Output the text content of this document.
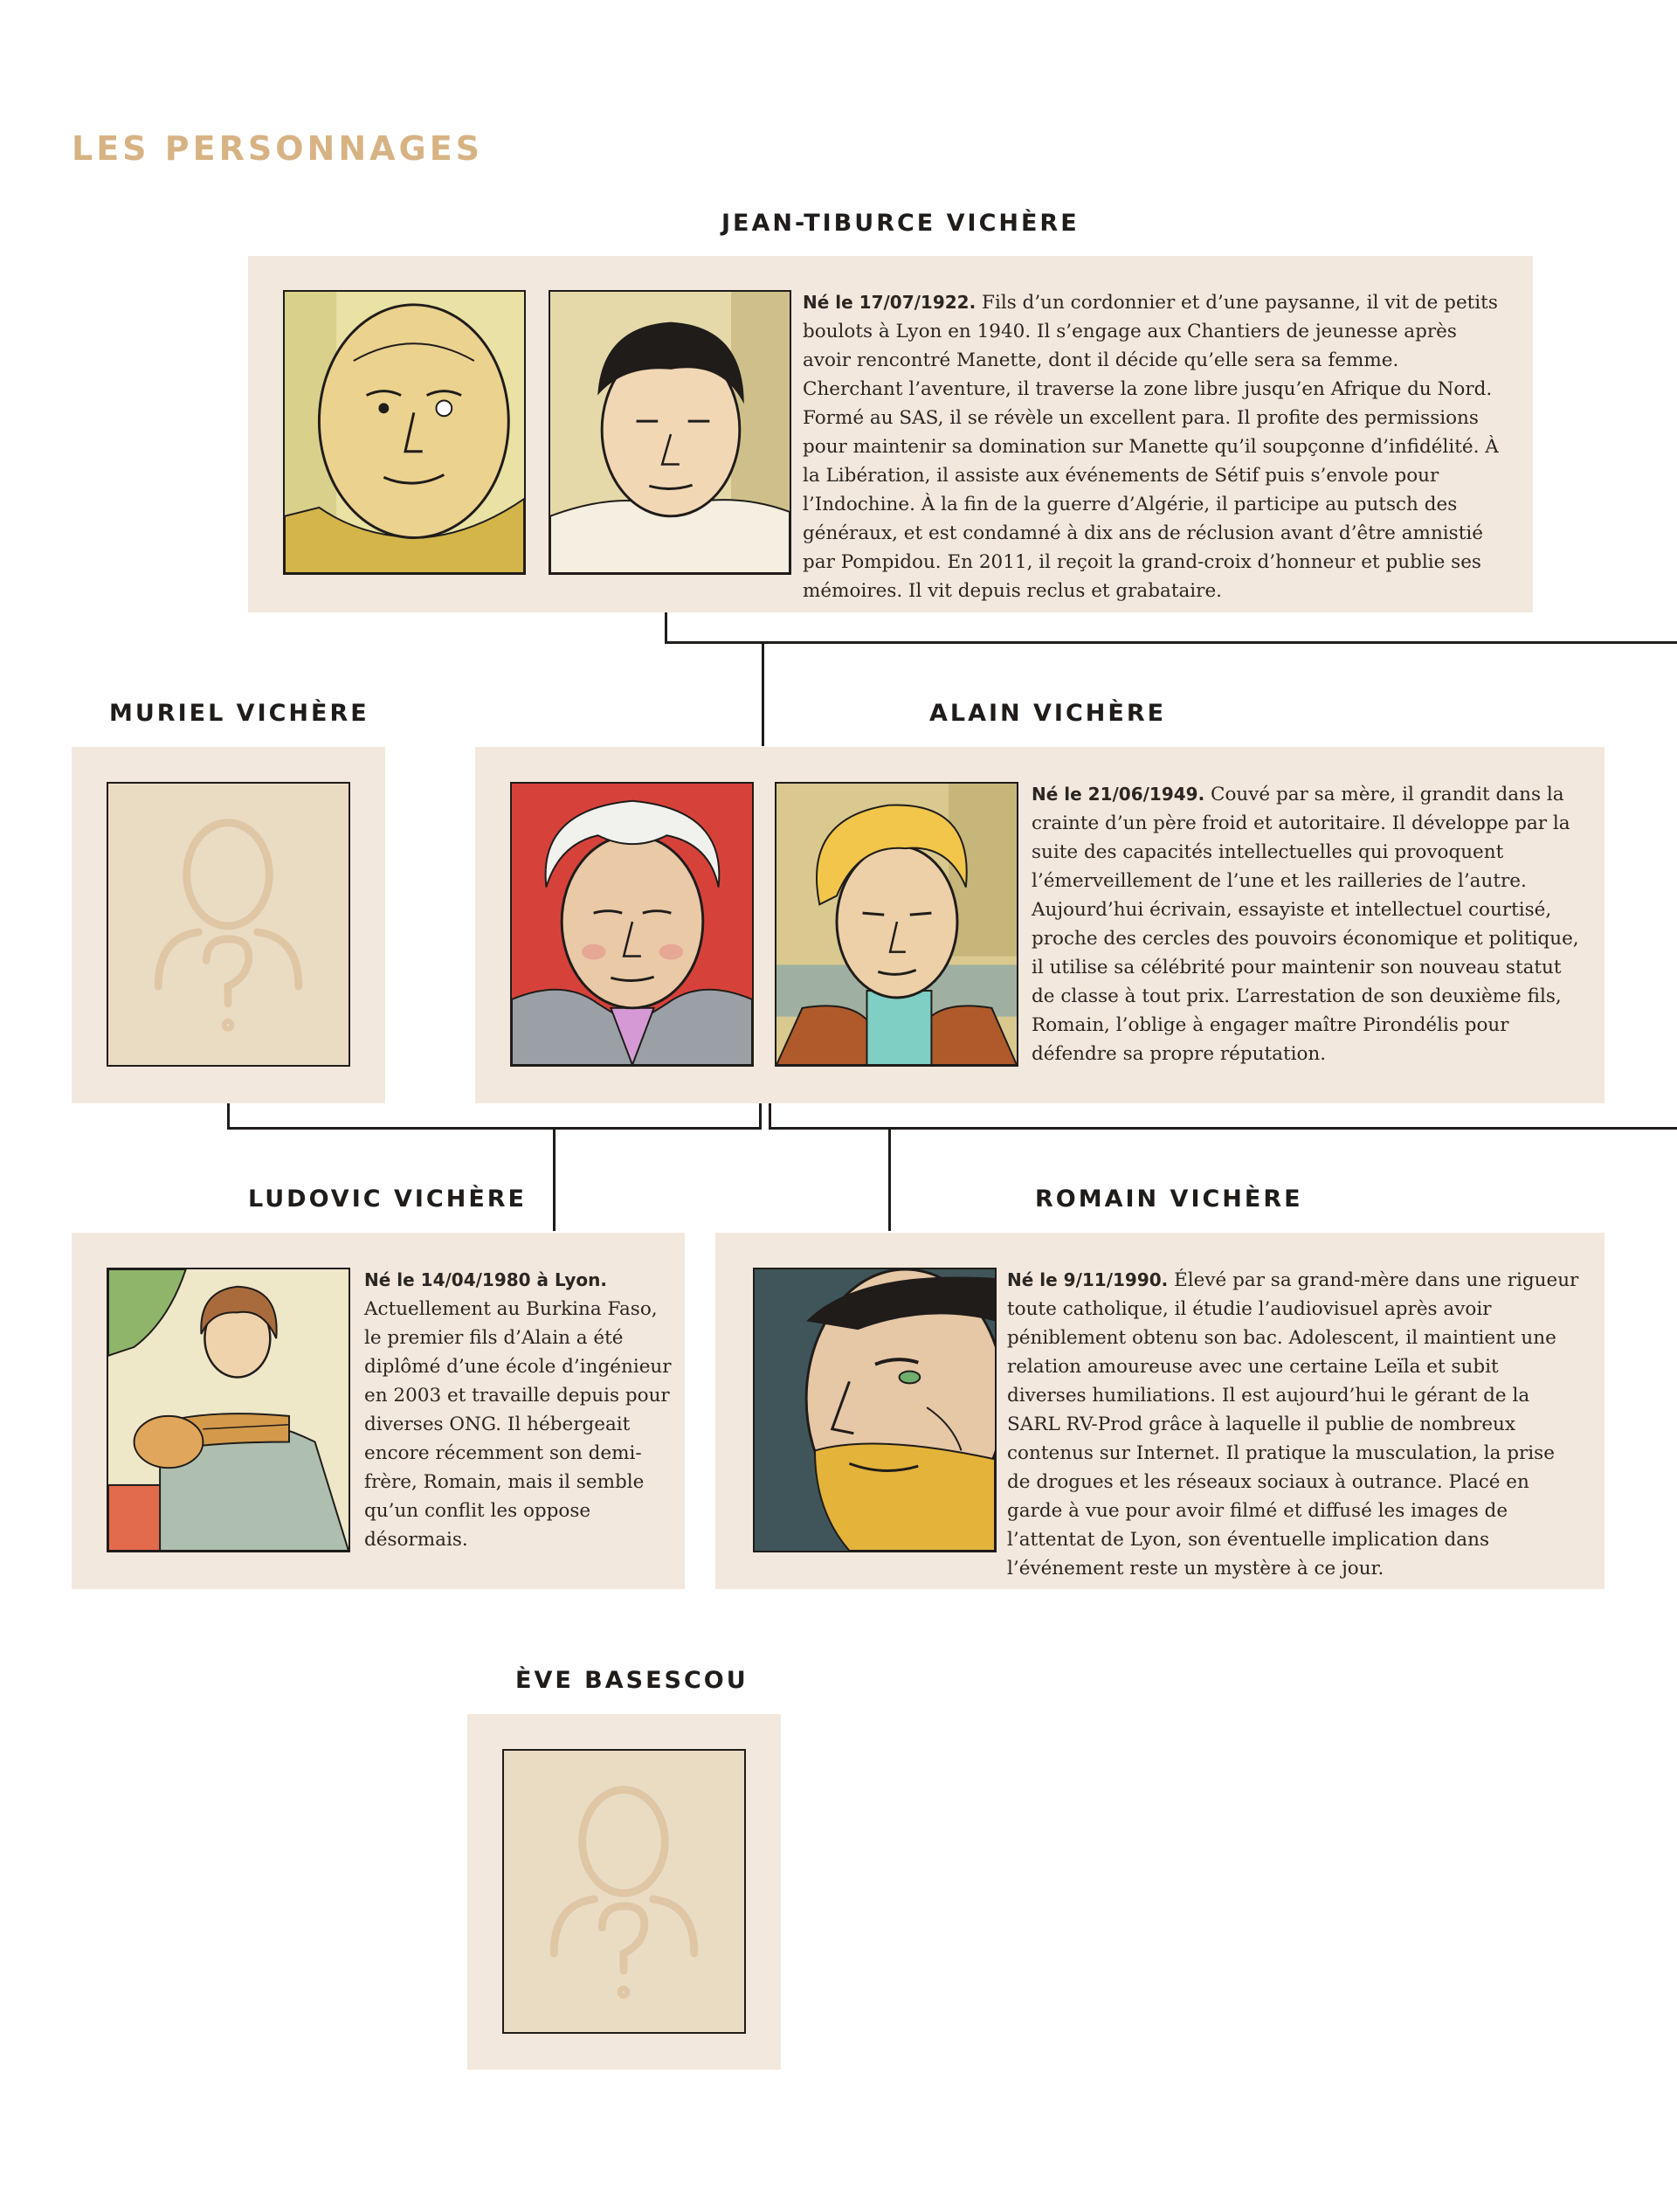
LES PERSONNAGES
JEAN-TIBURCE VICHÈRE
Né le 17/07/1922. Fils d’un cordonnier et d’une paysanne, il vit de petits boulots à Lyon en 1940. Il s’engage aux Chantiers de jeunesse après avoir rencontré Manette, dont il décide qu’elle sera sa femme. Cherchant l’aventure, il traverse la zone libre jusqu’en Afrique du Nord. Formé au SAS, il se révèle un excellent para. Il profite des permissions pour maintenir sa domination sur Manette qu’il soupçonne d’infidélité. À la Libération, il assiste aux événements de Sétif puis s’envole pour l’Indochine. À la fin de la guerre d’Algérie, il participe au putsch des généraux, et est condamné à dix ans de réclusion avant d’être amnistié par Pompidou. En 2011, il reçoit la grand-croix d’honneur et publie ses mémoires. Il vit depuis reclus et grabataire.
MURIEL VICHÈRE	ALAIN VICHÈRE
Né le 21/06/1949. Couvé par sa mère, il grandit dans la crainte d’un père froid et autoritaire. Il développe par la suite des capacités intellectuelles qui provoquent l’émerveillement de l’une et les railleries de l’autre. Aujourd’hui écrivain, essayiste et intellectuel courtisé, proche des cercles des pouvoirs économique et politique, il utilise sa célébrité pour maintenir son nouveau statut de classe à tout prix. L’arrestation de son deuxième fils, Romain, l’oblige à engager maître Pirondélis pour défendre sa propre réputation.
LUDOVIC VICHÈRE
Né le 14/04/1980 à Lyon. Actuellement au Burkina Faso, le premier fils d’Alain a été diplômé d’une école d’ingénieur en 2003 et travaille depuis pour diverses ONG. Il hébergeait encore récemment son demi-frère, Romain, mais il semble qu’un conflit les oppose désormais.
ROMAIN VICHÈRE
Né le 9/11/1990. Élevé par sa grand-mère dans une rigueur toute catholique, il étudie l’audiovisuel après avoir péniblement obtenu son bac. Adolescent, il maintient une relation amoureuse avec une certaine Leïla et subit diverses humiliations. Il est aujourd’hui le gérant de la SARL RV-Prod grâce à laquelle il publie de nombreux contenus sur Internet. Il pratique la musculation, la prise de drogues et les réseaux sociaux à outrance. Placé en garde à vue pour avoir filmé et diffusé les images de l’attentat de Lyon, son éventuelle implication dans l’événement reste un mystère à ce jour.
ÈVE BASESCOU
